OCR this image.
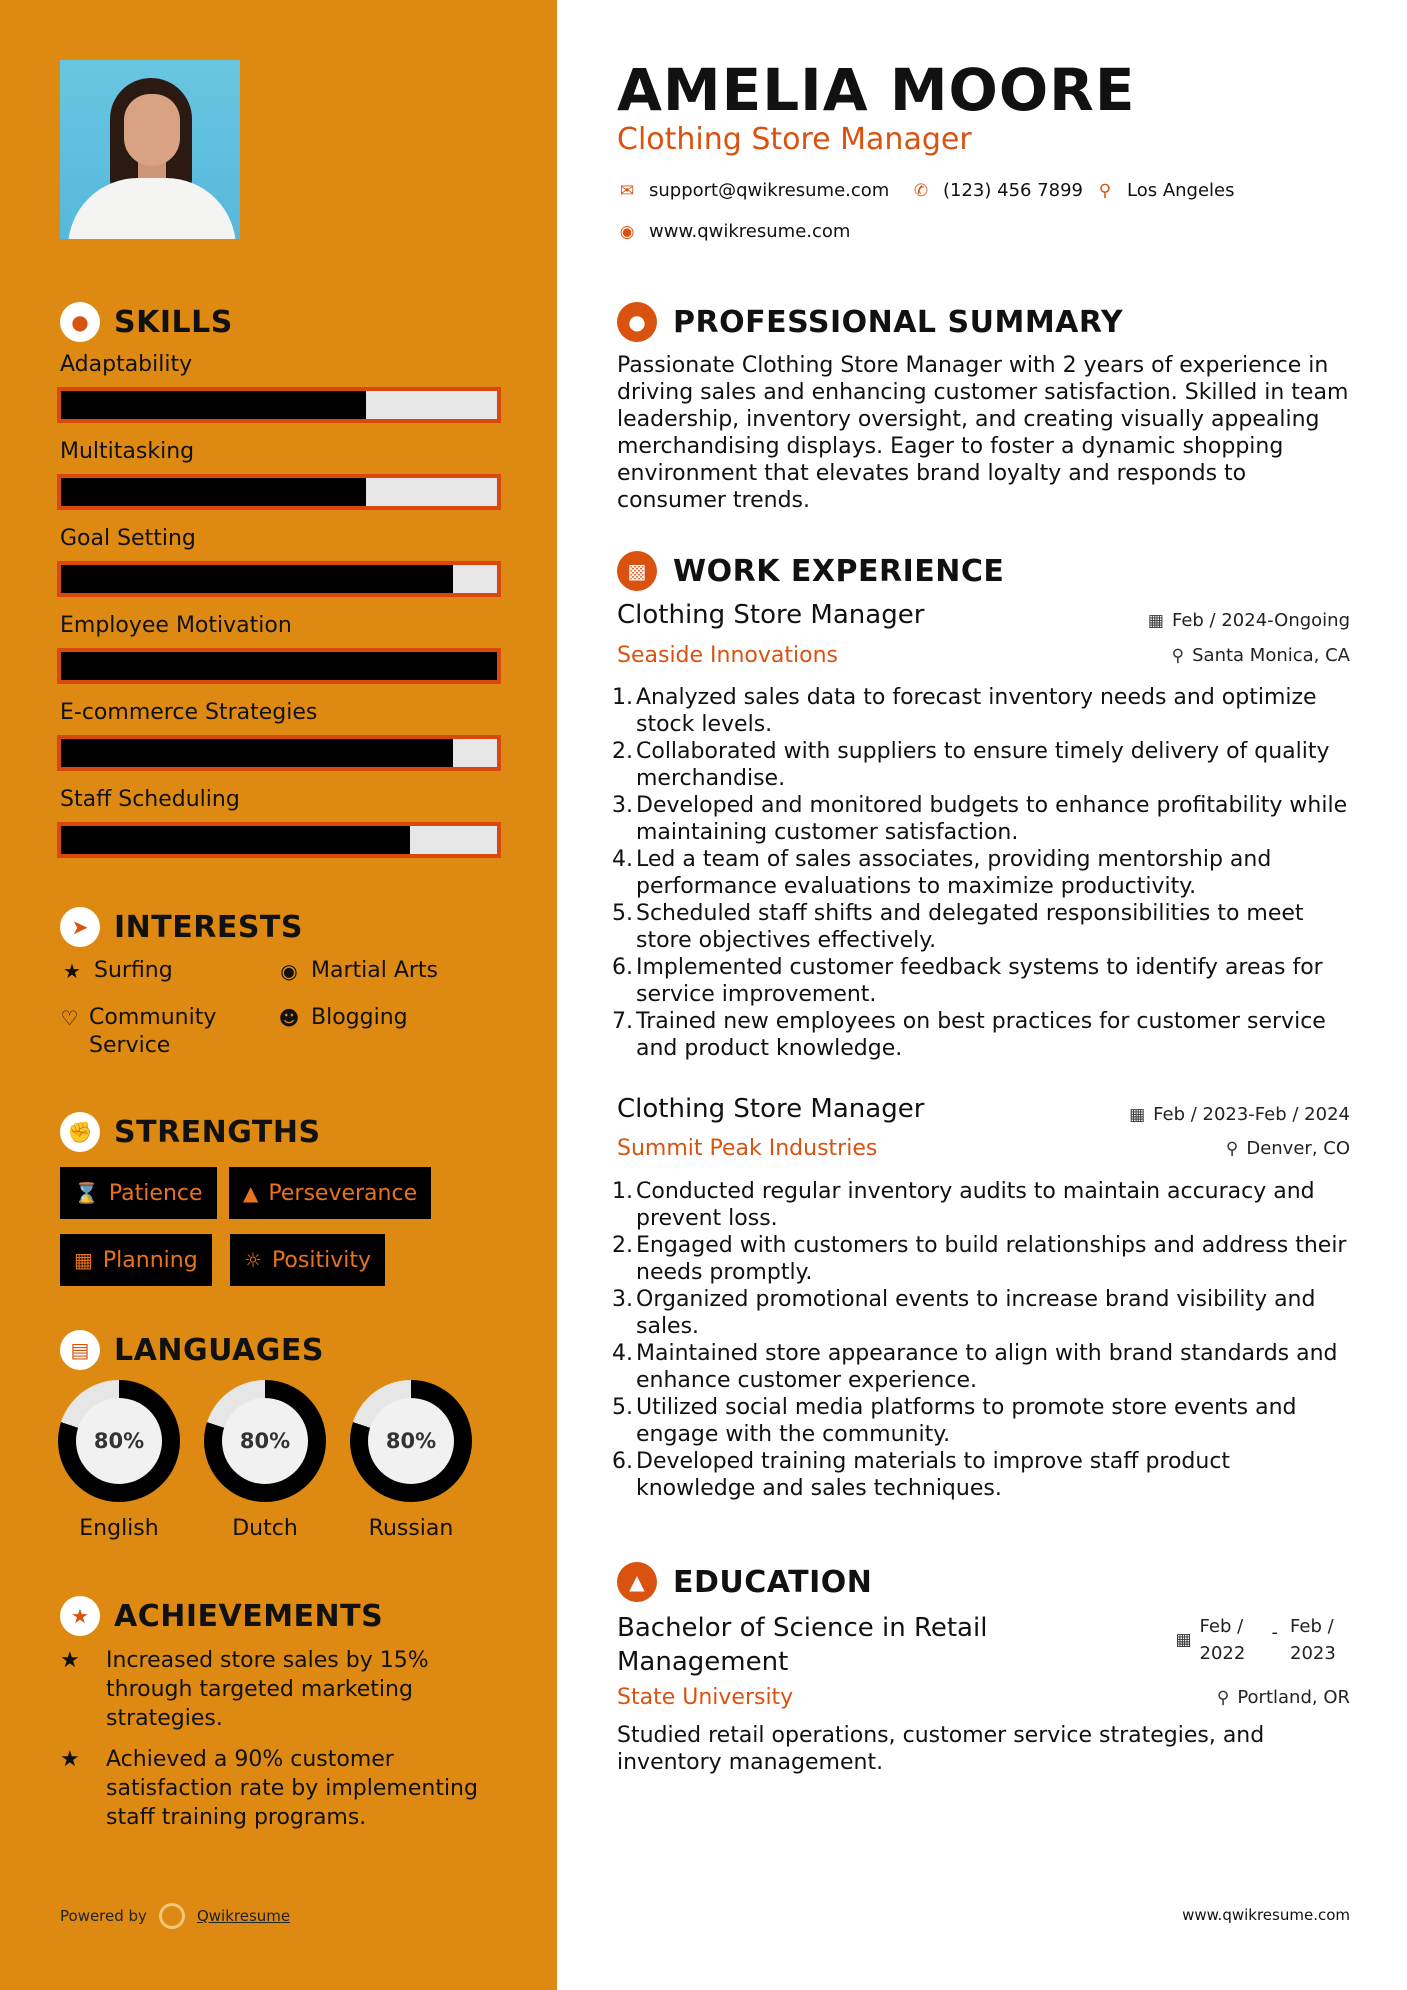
● SKILLS
Adaptability
Multitasking
Goal Setting
Employee Motivation
E-commerce Strategies
Staff Scheduling
➤ INTERESTS
★ Surfing	◉ Martial Arts
♡ Community Service
☻ Blogging
✊ STRENGTHS
⌛ Patience ▲ Perseverance
▦ Planning ☼ Positivity
▤ LANGUAGES
80%	80%	80%
English	Dutch	Russian
★ ACHIEVEMENTS
★	Increased store sales by 15% through targeted marketing strategies.
★	Achieved a 90% customer satisfaction rate by implementing staff training programs.
Powered by	Qwikresume
AMELIA MOORE
Clothing Store Manager
✉ support@qwikresume.com ✆ (123) 456 7899 ⚲ Los Angeles
◉ www.qwikresume.com
● PROFESSIONAL SUMMARY
Passionate Clothing Store Manager with 2 years of experience in driving sales and enhancing customer satisfaction. Skilled in team leadership, inventory oversight, and creating visually appealing merchandising displays. Eager to foster a dynamic shopping environment that elevates brand loyalty and responds to consumer trends.
▩ WORK EXPERIENCE
Clothing Store Manager	▦ Feb / 2024-Ongoing
Seaside Innovations	⚲ Santa Monica, CA
1. Analyzed sales data to forecast inventory needs and optimize stock levels.
2. Collaborated with suppliers to ensure timely delivery of quality merchandise.
3. Developed and monitored budgets to enhance profitability while maintaining customer satisfaction.
4. Led a team of sales associates, providing mentorship and performance evaluations to maximize productivity.
5. Scheduled staff shifts and delegated responsibilities to meet store objectives effectively.
6. Implemented customer feedback systems to identify areas for service improvement.
7. Trained new employees on best practices for customer service and product knowledge.
Clothing Store Manager	▦ Feb / 2023-Feb / 2024
Summit Peak Industries	⚲ Denver, CO
1. Conducted regular inventory audits to maintain accuracy and prevent loss.
2. Engaged with customers to build relationships and address their needs promptly.
3. Organized promotional events to increase brand visibility and sales.
4. Maintained store appearance to align with brand standards and enhance customer experience.
5. Utilized social media platforms to promote store events and engage with the community.
6. Developed training materials to improve staff product knowledge and sales techniques.
▲ EDUCATION
Bachelor of Science in Retail Management
▦
Feb / 2022
- Feb / 2023
State University	⚲ Portland, OR
Studied retail operations, customer service strategies, and inventory management.
www.qwikresume.com
